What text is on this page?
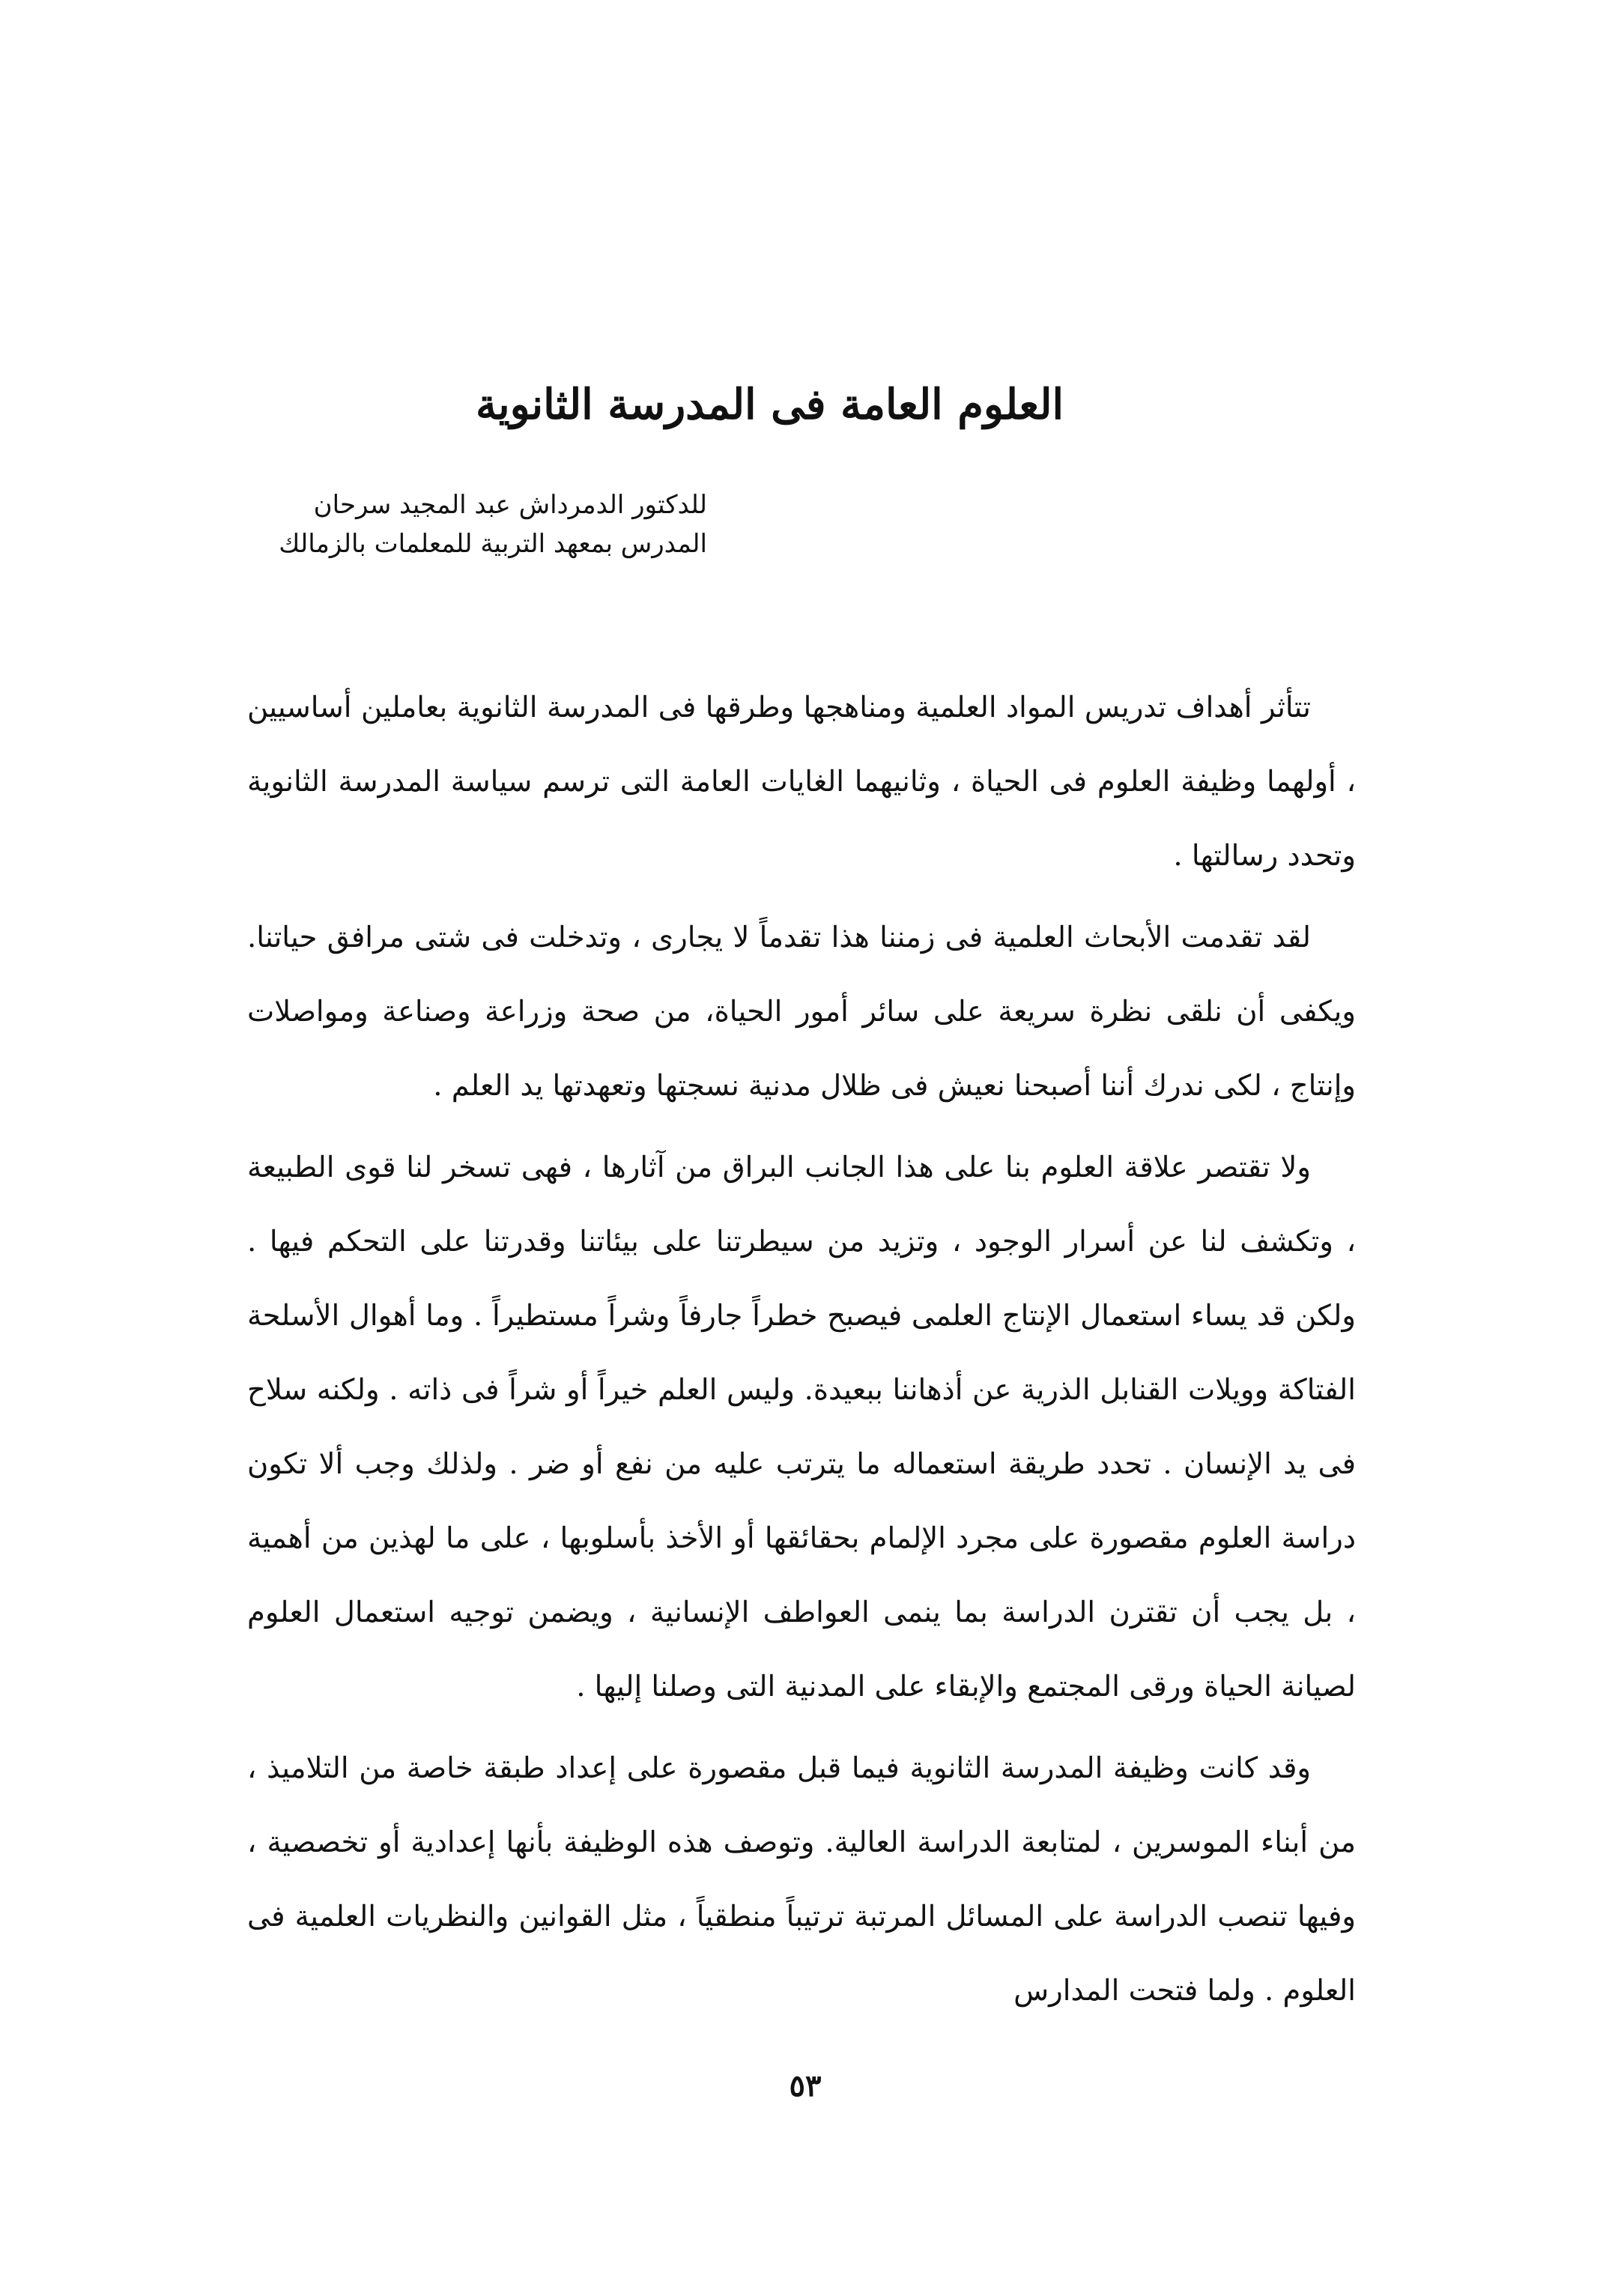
العلوم العامة فى المدرسة الثانوية
للدكتور الدمرداش عبد المجيد سرحان
المدرس بمعهد التربية للمعلمات بالزمالك

تتأثر أهداف تدريس المواد العلمية ومناهجها وطرقها فى المدرسة الثانوية بعاملين أساسيين ، أولهما وظيفة العلوم فى الحياة ، وثانيهما الغايات العامة التى ترسم سياسة المدرسة الثانوية وتحدد رسالتها .

لقد تقدمت الأبحاث العلمية فى زمننا هذا تقدماً لا يجارى ، وتدخلت فى شتى مرافق حياتنا. ويكفى أن نلقى نظرة سريعة على سائر أمور الحياة، من صحة وزراعة وصناعة ومواصلات وإنتاج ، لكى ندرك أننا أصبحنا نعيش فى ظلال مدنية نسجتها وتعهدتها يد العلم .

ولا تقتصر علاقة العلوم بنا على هذا الجانب البراق من آثارها ، فهى تسخر لنا قوى الطبيعة ، وتكشف لنا عن أسرار الوجود ، وتزيد من سيطرتنا على بيئاتنا وقدرتنا على التحكم فيها . ولكن قد يساء استعمال الإنتاج العلمى فيصبح خطراً جارفاً وشراً مستطيراً . وما أهوال الأسلحة الفتاكة وويلات القنابل الذرية عن أذهاننا ببعيدة. وليس العلم خيراً أو شراً فى ذاته . ولكنه سلاح فى يد الإنسان . تحدد طريقة استعماله ما يترتب عليه من نفع أو ضر . ولذلك وجب ألا تكون دراسة العلوم مقصورة على مجرد الإلمام بحقائقها أو الأخذ بأسلوبها ، على ما لهذين من أهمية ، بل يجب أن تقترن الدراسة بما ينمى العواطف الإنسانية ، ويضمن توجيه استعمال العلوم لصيانة الحياة ورقى المجتمع والإبقاء على المدنية التى وصلنا إليها .

وقد كانت وظيفة المدرسة الثانوية فيما قبل مقصورة على إعداد طبقة خاصة من التلاميذ ، من أبناء الموسرين ، لمتابعة الدراسة العالية. وتوصف هذه الوظيفة بأنها إعدادية أو تخصصية ، وفيها تنصب الدراسة على المسائل المرتبة ترتيباً منطقياً ، مثل القوانين والنظريات العلمية فى العلوم . ولما فتحت المدارس

٥٣
